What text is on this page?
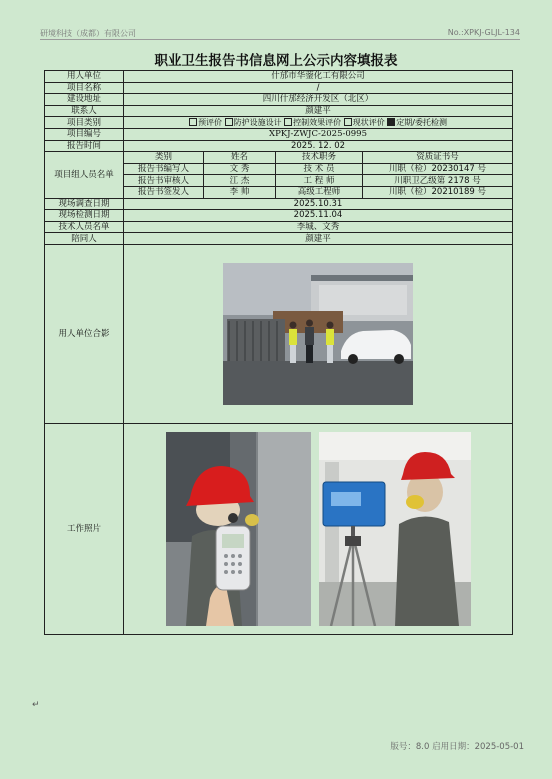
研境科技（成都）有限公司	No.:XPKJ-GLJL-134
职业卫生报告书信息网上公示内容填报表
用人单位	什邡市华蓥化工有限公司			
项目名称	/			
建设地址	四川什邡经济开发区（北区）			
联系人	颜建平			
项目类别	预评价 防护设施设计 控制效果评价 现状评价 定期/委托检测			
项目编号	XPKJ-ZWJC-2025-0995			
报告时间	2025. 12. 02			
项目组人员名单	类别	姓名	技术职务	资质证书号
	报告书编写人	文 秀	技 术 员	川职（检）20230147 号
	报告书审核人	江 杰	工 程 师	川职卫乙级第 2178 号
	报告书签发人	李 帅	高级工程师	川职（检）20210189 号
现场调查日期	2025.10.31			
现场检测日期	2025.11.04			
技术人员名单	李城、文秀			
陪同人	颜建平			
用人单位合影	
工作照片	
↵
版号：8.0 启用日期：2025-05-01
